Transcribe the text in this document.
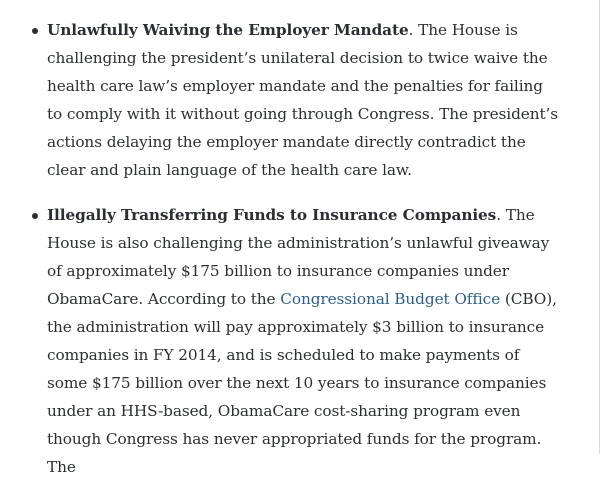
Unlawfully Waiving the Employer Mandate. The House is challenging the president’s unilateral decision to twice waive the health care law’s employer mandate and the penalties for failing to comply with it without going through Congress. The president’s actions delaying the employer mandate directly contradict the clear and plain language of the health care law.
Illegally Transferring Funds to Insurance Companies. The House is also challenging the administration’s unlawful giveaway of approximately $175 billion to insurance companies under ObamaCare. According to the Congressional Budget Office (CBO), the administration will pay approximately $3 billion to insurance companies in FY 2014, and is scheduled to make payments of some $175 billion over the next 10 years to insurance companies under an HHS-based, ObamaCare cost-sharing program even though Congress has never appropriated funds for the program. The
